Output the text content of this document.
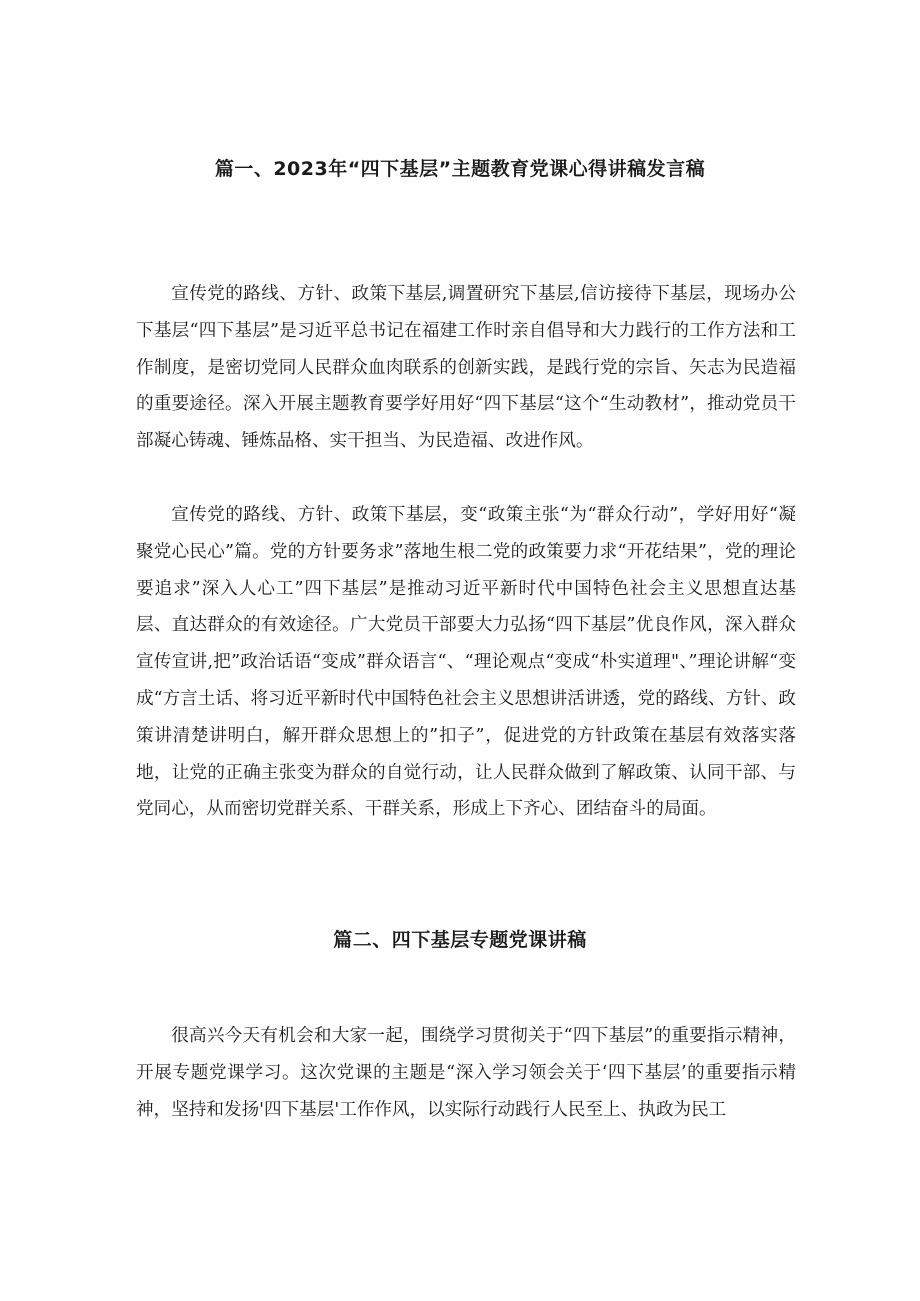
篇一、2023年“四下基层”主题教育党课心得讲稿发言稿

宣传党的路线、方针、政策下基层,调置研究下基层,信访接待下基层，现场办公下基层“四下基层”是习近平总书记在福建工作时亲自倡导和大力践行的工作方法和工作制度，是密切党同人民群众血肉联系的创新实践，是践行党的宗旨、矢志为民造福的重要途径。深入开展主题教育要学好用好“四下基层“这个“生动教材”，推动党员干部凝心铸魂、锤炼品格、实干担当、为民造福、改进作风。

宣传党的路线、方针、政策下基层，变“政策主张“为“群众行动”，学好用好“凝聚党心民心”篇。党的方针要务求”落地生根二党的政策要力求“开花结果”，党的理论要追求”深入人心工”四下基层”是推动习近平新时代中国特色社会主义思想直达基层、直达群众的有效途径。广大党员干部要大力弘扬“四下基层”优良作风，深入群众宣传宣讲,把”政治话语“变成”群众语言“、“理论观点“变成“朴实道理"、”理论讲解“变成“方言土话、将习近平新时代中国特色社会主义思想讲活讲透，党的路线、方针、政策讲清楚讲明白，解开群众思想上的”扣子”，促进党的方针政策在基层有效落实落地，让党的正确主张变为群众的自觉行动，让人民群众做到了解政策、认同干部、与党同心，从而密切党群关系、干群关系，形成上下齐心、团结奋斗的局面。

篇二、四下基层专题党课讲稿

很高兴今天有机会和大家一起，围绕学习贯彻关于“四下基层”的重要指示精神，开展专题党课学习。这次党课的主题是“深入学习领会关于‘四下基层’的重要指示精神，坚持和发扬'四下基层'工作作风，以实际行动践行人民至上、执政为民工
